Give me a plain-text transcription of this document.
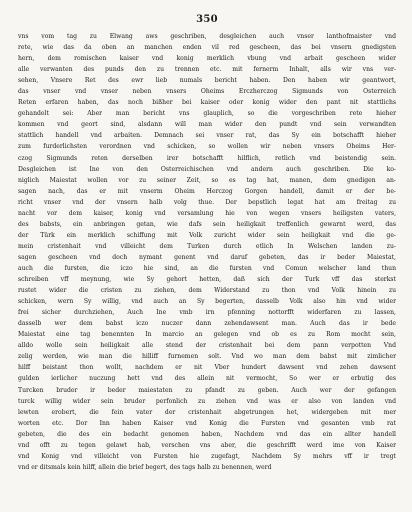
350
vns vom tag zu Elwang aws geschriben, desgleichen auch vnser lanthofmaister vnd
rete, wie das da oben an manchen enden vil red gescheen, das bei vnsern gnedigsten
hern, dem romischen kaiser vnd konig merklich vbung vnd arbait gescheen wider
alle verwanten des punds den zu trennen etc. mit fernerm Inhalt, alls wir vns ver-
sehen, Vnsere Ret des ewr lieb numals bericht haben. Den haben wir geantwort,
das vnser vnd vnser neben vnsers Oheims Erczherczog Sigmunds von Osterreich
Reten erfaren haben, das noch bißher bei kaiser oder konig wider den pant nit stattlichs
gehandelt sei: Aber man bericht vns glauplich, so die vorgeschriben rete hieher
kommen vnd geort sind, alsdann will man wider den pundt vnd sein verwandten
stattlich handell vnd arbaiten. Demnach sei vnser rat, das Sy ein botschafft hieher
zum furderlichsten verordnen vnd schicken, so wollen wir neben vnsers Oheims Her-
czog Sigmunds reten derselben irer botschafft hilflich, retlich vnd beistendig sein.
Desgleichen ist Ine von den Osterreichischen vnd andern auch geschriben. Die ko-
niglich Maiestat wollen vor zu seiner Zeit, so es tag hat, manen, dem gnedigen an-
sagen nach, das er mit vnserm Oheim Herczog Gorgen handell, damit er der be-
richt vnser vnd der vnsern halb volg thue. Der bepstlich legat hat am freitag zu
nacht vor dem kaiser, konig vnd versamlung hie von wegen vnsers heiligsten vaters,
des babsts, ein anbringen getan, wie dafs sein heiligkait treffenlich gewarnt werd, das
der Türk ein merklich schiffung mit Volk zuricht wider sein heiligkait vnd die ge-
mein cristenhait vnd villeicht dem Turken durch etlich In Welschen landen zu-
sagen gescheen vnd doch nymant genent vnd daruf gebeten, das ir beder Maiestat,
auch die fursten, die iczo hie sind, an die fursten vnd Comun welscher land thun
schreiben vff meynung, wie Sy gehort hetten, daß sich der Turk vff das sterkst
rustet wider die cristen zu ziehen, dem Widerstand zu thon vnd Volk hinein zu
schicken, wern Sy willig, vnd auch an Sy begerten, dasselb Volk also hin vnd wider
frei sicher durchziehen, Auch Ine vmb irn pfenning nottorfft widerfaren zu lassen,
dasselb wer dem babst iczo nuczer dann zehendawsent man. Auch das ir bede
Maiestat eine tag benennten In marcio an gelegen vnd ob es zu Rom mocht sein,
alldo wolle sein heiligkait alle stend der cristenhait bei dem pann verpotten Vnd
zelig werden, wie man die hilliff furnemen solt. Vnd wo man dem babst mit zimlicher
hilff beistant thon wollt, nachdem er nit Vber hundert dawsent vnd zehen dawsent
gulden ierlicher nuczung hett vnd des allein nit vermocht, So wer er erbutig des
Turcken bruder ir beder maiestaten zu pfandt zu geben. Auch wer der gefangen
turck willig wider sein bruder perfonlich zu ziehen vnd was er also von landen vnd
lewten erobert, die fein vater der cristenhait abgetrungen het, widergeben mit mer
worten etc. Dor Inn haben Kaiser vnd Konig die Fursten vnd gesanten vmb rat
gebeten, die des ein bedacht genomen haben, Nachdem vnd das ein allter handell
vnd offt zu tegen gelawt hab, verschen vns aber, die geschrifft werd ime von Kaiser
vnd Konig vnd villeicht von Fursten hie zugefagt, Nachdem Sy mehrs vff ir tregt
vnd er ditsmals kein hilff, allein die brief begert, des tags halb zu benennen, werd
